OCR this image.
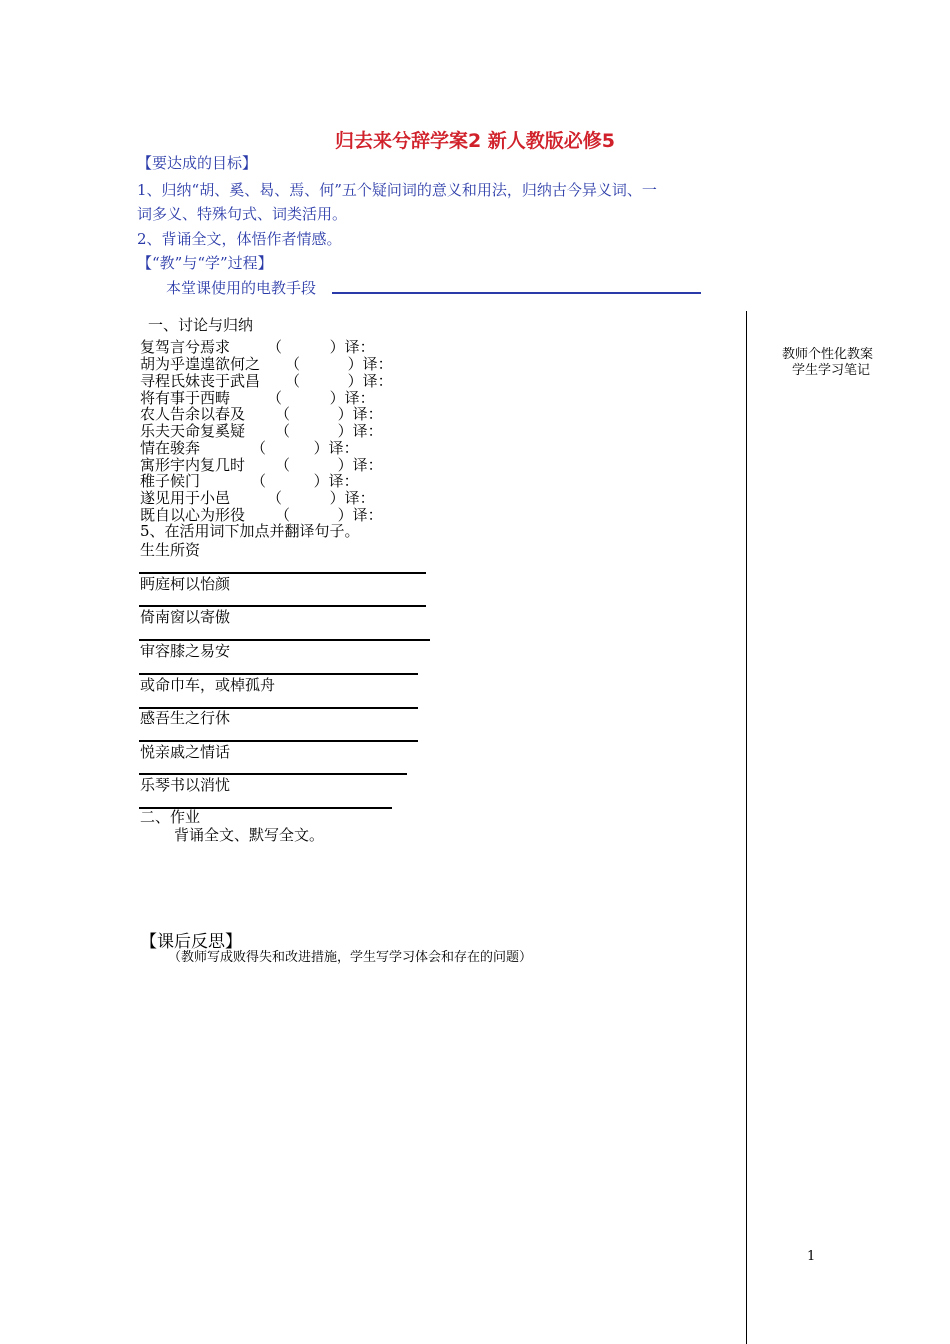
归去来兮辞学案2 新人教版必修5
【要达成的目标】
1、归纳“胡、奚、曷、焉、何”五个疑问词的意义和用法，归纳古今异义词、一
词多义、特殊句式、词类活用。
2、背诵全文，体悟作者情感。
【“教”与“学”过程】
本堂课使用的电教手段
教师个性化教案
学生学习笔记
一、讨论与归纳
复驾言兮焉求 （          ）译：
胡为乎遑遑欲何之 （          ）译：
寻程氏妹丧于武昌 （          ）译：
将有事于西畴 （          ）译：
农人告余以春及 （          ）译：
乐夫天命复奚疑 （          ）译：
情在骏奔	（          ）译：
寓形宇内复几时 （          ）译：
稚子候门	（          ）译：
遂见用于小邑 （          ）译：
既自以心为形役 （          ）译：
5、在活用词下加点并翻译句子。
生生所资
眄庭柯以怡颜
倚南窗以寄傲
审容膝之易安
或命巾车，或棹孤舟
感吾生之行休
悦亲戚之情话
乐琴书以消忧
二、作业
背诵全文、默写全文。
【课后反思】
（教师写成败得失和改进措施，学生写学习体会和存在的问题）
1
